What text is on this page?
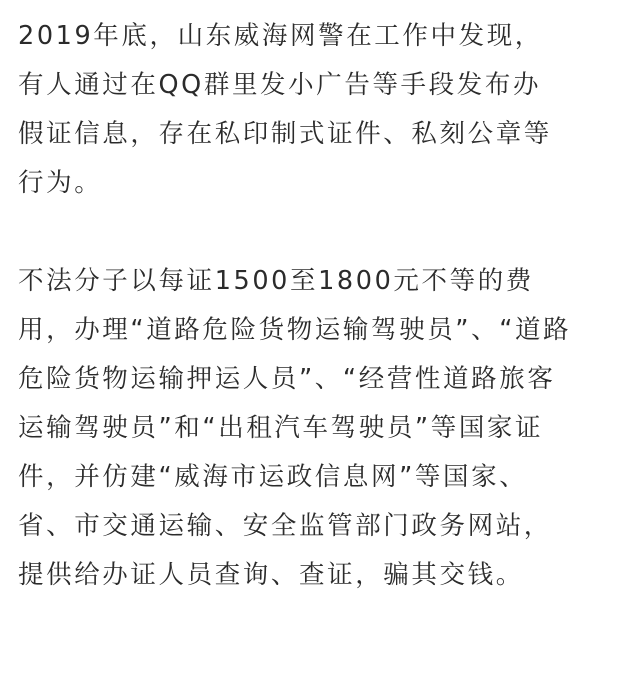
2019年底，山东威海网警在工作中发现，
有人通过在QQ群里发小广告等手段发布办
假证信息，存在私印制式证件、私刻公章等
行为。

不法分子以每证1500至1800元不等的费
用，办理“道路危险货物运输驾驶员”、“道路
危险货物运输押运人员”、“经营性道路旅客
运输驾驶员”和“出租汽车驾驶员”等国家证
件，并仿建“威海市运政信息网”等国家、
省、市交通运输、安全监管部门政务网站，
提供给办证人员查询、查证，骗其交钱。
